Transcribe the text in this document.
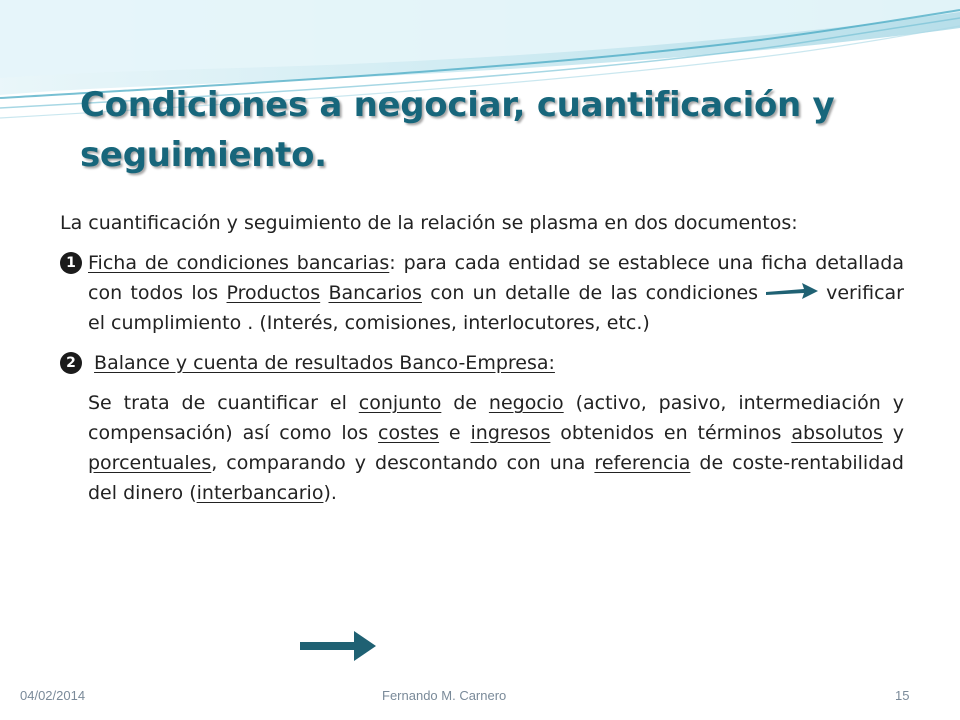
Condiciones a negociar, cuantificación y seguimiento.

La cuantificación y seguimiento de la relación se plasma en dos documentos:

1 Ficha de condiciones bancarias: para cada entidad se establece una ficha detallada con todos los Productos Bancarios con un detalle de las condiciones	verificar el cumplimiento . (Interés, comisiones, interlocutores, etc.)

2 Balance y cuenta de resultados Banco-Empresa:

Se trata de cuantificar el conjunto de negocio (activo, pasivo, intermediación y compensación) así como los costes e ingresos obtenidos en términos absolutos y porcentuales, comparando y descontando con una referencia de coste-rentabilidad del dinero (interbancario).

04/02/2014	Fernando M. Carnero	15
